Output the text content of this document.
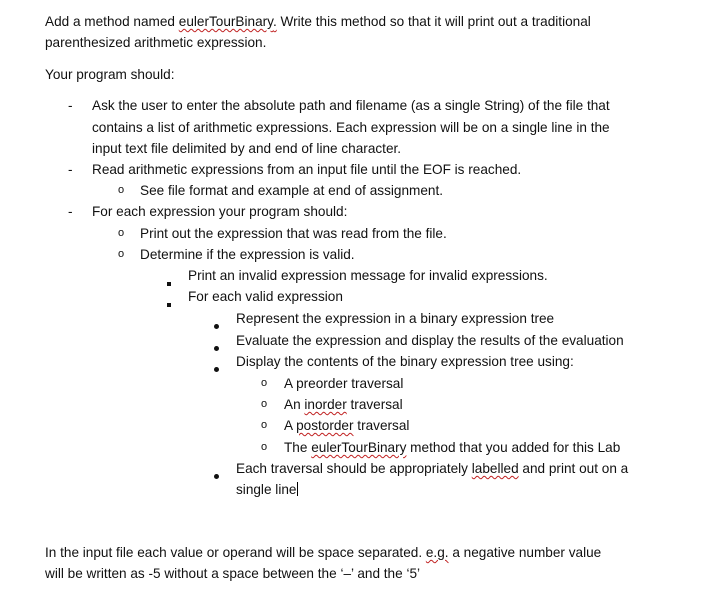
Add a method named eulerTourBinary. Write this method so that it will print out a traditional
parenthesized arithmetic expression.
Your program should:
- Ask the user to enter the absolute path and filename (as a single String) of the file that
contains a list of arithmetic expressions. Each expression will be on a single line in the
input text file delimited by and end of line character.
- Read arithmetic expressions from an input file until the EOF is reached.
o See file format and example at end of assignment.
- For each expression your program should:
o Print out the expression that was read from the file.
o Determine if the expression is valid.
Print an invalid expression message for invalid expressions.
For each valid expression
Represent the expression in a binary expression tree
Evaluate the expression and display the results of the evaluation
Display the contents of the binary expression tree using:
o A preorder traversal
o An inorder traversal
o A postorder traversal
o The eulerTourBinary method that you added for this Lab
Each traversal should be appropriately labelled and print out on a
single line
In the input file each value or operand will be space separated. e.g. a negative number value
will be written as -5 without a space between the ‘–’ and the ‘5’
